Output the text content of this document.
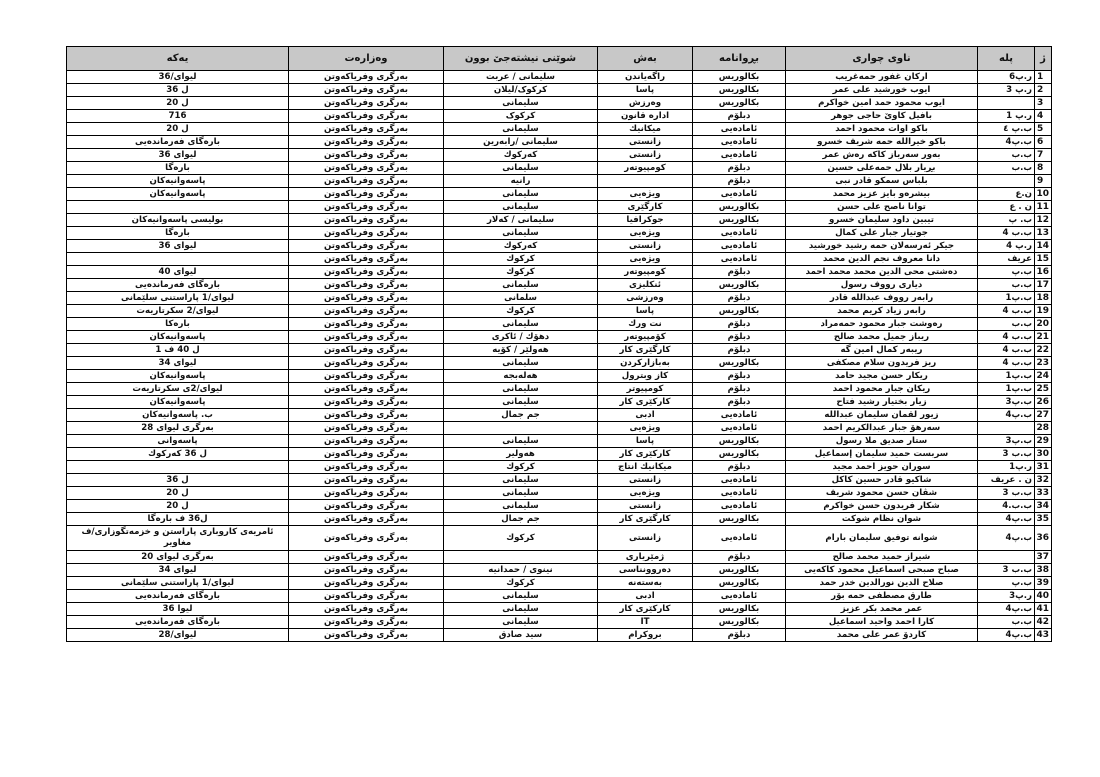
ژ	پله	ناوی چواری	بڕوانامه	بەش	شوێنی نیشتەجێ بوون	وەزارەت	یەکە
1	ر.پ6	ارکان غفور حمەغریب	بکالوریس	راگەیاندن	سلیمانی / عربت	بەرگری وفریاکەوتن	لیوای/36
2	ر.پ 3	ایوب خورشید علی عمر	بکالوریس	پاسا	کرکوک/لیلان	بەرگری وفریاکەوتن	ل 36
3		ایوب محمود حمد امین خواکرم	بکالوریس	وەرزش	سلیمانی	بەرگری وفریاکەوتن	ل 20
4	ر.پ 1	بافیل کاوێ حاجی جوهر	دبلۆم	ادارە قانون	کرکوک	بەرگری وفریاکەوتن	716
5	ب.پ ٤	باکو اوات محمود احمد	ئامادەیی	میکانیك	سلیمانی	بەرگری وفریاکەوتن	ل 20
6	ب.پ4	باکو خیراللە حمە شریف خسرو	ئامادەیی	زانستی	سلیمانی /رابەرین	بەرگری وفریاکەوتن	بارەگای فەرماندەیی
7	ب.ب	بەور سەرباز کاکە رەش عمر	ئامادەیی	زانستی	کەرکوك	بەرگری وفریاکەوتن	لیوای 36
8	ب.ب	بڕیار بلال حمەعلی حسین	دبلۆم	کومپیوتەر	سلیمانی	بەرگری وفریاکەوتن	بارەگا
9		بلباس سمکو قادر نبی	دبلۆم		رانیە	بەرگری وفریاکەوتن	پاسەوانیەکان
10	ن.ع	بیشرەو بایز عزیز محمد	ئامادەیی	ویژەیی	سلیمانی	بەرگری وفریاکەوتن	پاسەوانیەکان
11	ن . ع	توانا ناصح علی حسن	بکالوریس	کارگێری	سلیمانی	بەرگری وفریاکەوتن	
12	ب. پ	تیبین داود سلیمان خسرو	بکالوریس	جوکرافیا	سلیمانی / کەلار	بەرگری وفریاکەوتن	بولیسی پاسەوانیەکان
13	ب.ب 4	جوتیار جبار علی کمال	ئامادەیی	ویژەیی	سلیمانی	بەرگری وفریاکەوتن	بارەگا
14	ر.پ 4	جیکر ئەرسەلان حمە رشید خورشید	ئامادەیی	زانستی	کەرکوك	بەرگری وفریاکەوتن	لیوای 36
15	عریف	دانا معروف نجم الدین محمد	ئامادەیی	ویژەیی	کرکوك	بەرگری وفریاکەوتن	
16	ب.پ	دەشتی محی الدین محمد محمد احمد	دبلۆم	کومپیوتەر	کرکوك	بەرگری وفریاکەوتن	لیوای 40
17	ب.ب	دیاری رووف رسول	بکالوریس	ئنکلیزی	سلیمانی	بەرگری وفریاکەوتن	بارەگای فەرماندەیی
18	ب.پ1	رابەر رووف عبداللە قادر	دبلۆم	وەرزشی	سلمانی	بەرگری وفریاکەوتن	لیوای/1 پاراستنی سلێمانی
19	ب.ب 4	رابەر زیاد کریم محمد	بکالوریس	پاسا	کرکوك	بەرگری وفریاکەوتن	لیوای/2 سکرتاریەت
20	ب.ب	رەوشت جبار محمود حمەمراد	دبلۆم	نت ورك	سلیمانی	بەرگری وفریاکەوتن	بارەکا
21	ب.ب 4	ریباز جمیل محمد صالح	دبلۆم	کۆمپیوتەر	دهۆك / ئاکری	بەرگری وفریاکەوتن	پاسەوانیەکان
22	ب.ب 4	ریبەر کمال امین گە	دبلۆم	کارگێری کار	هەولێر / کۆیە	بەرگری وفریاکەوتن	ل 40 ف 1
23	ب.ب 4	ریز فریدون سلام مصکفی	بکالوریس	بەبازارکردن	سلیمانی	بەرگری وفریاکەوتن	لیوای 34
24	ب.پ1	ریکار حسن مجید حامد	دبلۆم	کاز وبترول	هەلەبجە	بەرگری وفریاکەوتن	پاسەوانیەکان
25	ب.پ1	ریکان جبار محمود احمد	دبلۆم	کومپیوتر	سلیمانی	بەرگری وفریاکەوتن	لیوای/2ی سکرتاریەت
26	ب.پ3	زیار بختیار رشید فتاح	دبلۆم	کارکێری کار	سلیمانی	بەرگری وفریاکەوتن	پاسەوانیەکان
27	ب.پ4	زیور لقمان سلیمان عبداللە	ئامادەیی	ادبی	جم جمال	بەرگری وفریاکەوتن	ب. پاسەوانیەکان
28		سەرهۆ جبار عبدالکریم احمد	ئامادەیی	ویژەیی		بەرگری وفریاکەوتن	بەرگری لیوای 28
29	ب.پ3	ستار صدیق ملا رسول	بکالوریس	پاسا	سلیمانی	بەرگری وفریاکەوتن	پاسەوانی
30	ب.ب 3	سربست حمید سلیمان إسماعیل	بکالوریس	کارکێری کار	هەولیر	بەرگری وفریاکەوتن	ل 36 کەرکوك
31	ر.پ1	سوران حویز احمد مجید	دبلۆم	میکانیك انتاج	کرکوك	بەرگری وفریاکەوتن	
32	ن . عریف	شاکیو قادر حسین کاکل	ئامادەیی	زانستی	سلیمانی	بەرگری وفریاکەوتن	ل 36
33	ب.ب 3	شڤان حسن محمود شریف	ئامادەیی	ویژەیی	سلیمانی	بەرگری وفریاکەوتن	ل 20
34	ب.ب.4	شکار فریدون حسن خواکرم	ئامادەیی	زانستی	سلیمانی	بەرگری وفریاکەوتن	ل 20
35	ب.پ4	شوان نظام شوکت	بکالوریس	کارگێری کار	جم جمال	بەرگری وفریاکەوتن	ل36 ف بارەگا
36	ب.پ4	شوانە توفیق سلیمان بارام	ئامادەیی	زانستی	کرکوك	بەرگری وفریاکەوتن	ئامریەی کاروباری پاراستن و خزمەتگوزاری/ف مغاویر
37		شیراز حمید محمد صالح	دبلۆم	ژمێریاری		بەرگری وفریاکەوتن	بەرگری لیوای 20
38	ب.ب 3	صباح صبحی اسماعیل محمود کاکەیی	بکالوریس	دەروونناسی	نینوی / حمدانیە	بەرگری وفریاکەوتن	لیوای 34
39	ب.پ	صلاح الدین نورالدین خدر حمد	بکالوریس	بەستەنە	کرکوك	بەرگری وفریاکەوتن	لیوای/1 پاراستنی سلێمانی
40	ر.پ3	طارق مصطفی حمە بۆر	ئامادەیی	ادبی	سلیمانی	بەرگری وفریاکەوتن	بارەگای فەرماندەیی
41	ب.پ4	عمر محمد بکر عزیز	بکالوریس	کارکێری کار	سلیمانی	بەرگری وفریاکەوتن	لیوا 36
42	ب.ب	کارا احمد واحید اسماعیل	بکالوریس	IT	سلیمانی	بەرگری وفریاکەوتن	بارەگای فەرماندەیی
43	ب.پ4	کاردۆ عمر علی محمد	دبلۆم	بروکرام	سید صادق	بەرگری وفریاکەوتن	لیوای/28
